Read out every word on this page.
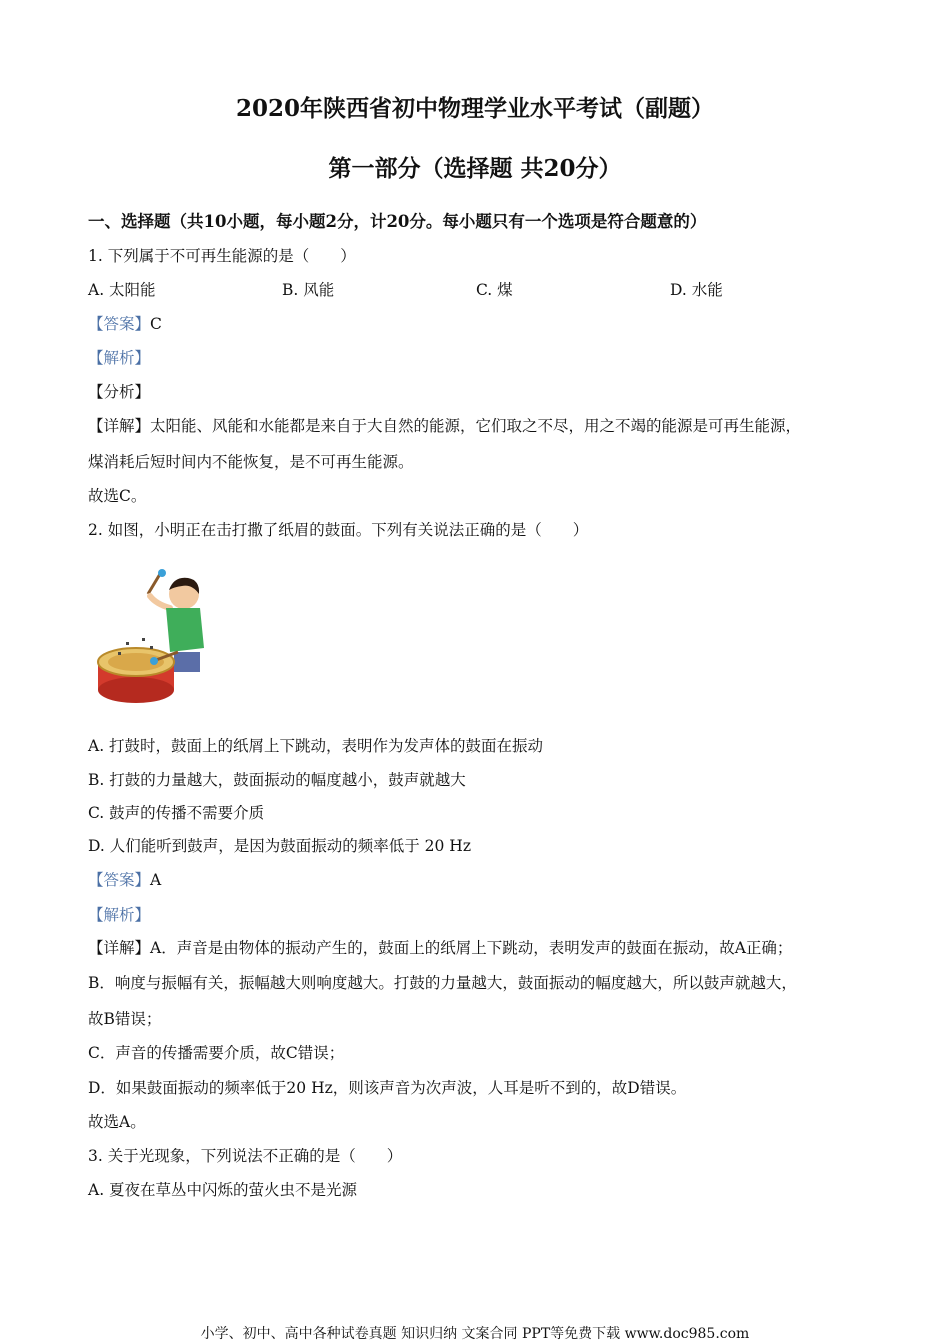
2020年陕西省初中物理学业水平考试（副题）
第一部分（选择题 共20分）
一、选择题（共10小题，每小题2分，计20分。每小题只有一个选项是符合题意的）
1. 下列属于不可再生能源的是（　　）
A. 太阳能	B. 风能	C. 煤	D. 水能
【答案】C
【解析】
【分析】
【详解】太阳能、风能和水能都是来自于大自然的能源，它们取之不尽，用之不竭的能源是可再生能源，
煤消耗后短时间内不能恢复，是不可再生能源。
故选C。
2. 如图，小明正在击打撒了纸眉的鼓面。下列有关说法正确的是（　　）
A. 打鼓时，鼓面上的纸屑上下跳动，表明作为发声体的鼓面在振动
B. 打鼓的力量越大，鼓面振动的幅度越小，鼓声就越大
C. 鼓声的传播不需要介质
D. 人们能听到鼓声，是因为鼓面振动的频率低于 20 Hz
【答案】A
【解析】
【详解】A．声音是由物体的振动产生的，鼓面上的纸屑上下跳动，表明发声的鼓面在振动，故A正确；
B．响度与振幅有关，振幅越大则响度越大。打鼓的力量越大，鼓面振动的幅度越大，所以鼓声就越大，
故B错误；
C．声音的传播需要介质，故C错误；
D．如果鼓面振动的频率低于20 Hz，则该声音为次声波，人耳是听不到的，故D错误。
故选A。
3. 关于光现象，下列说法不正确的是（　　）
A. 夏夜在草丛中闪烁的萤火虫不是光源
小学、初中、高中各种试卷真题 知识归纳 文案合同 PPT等免费下载 www.doc985.com
